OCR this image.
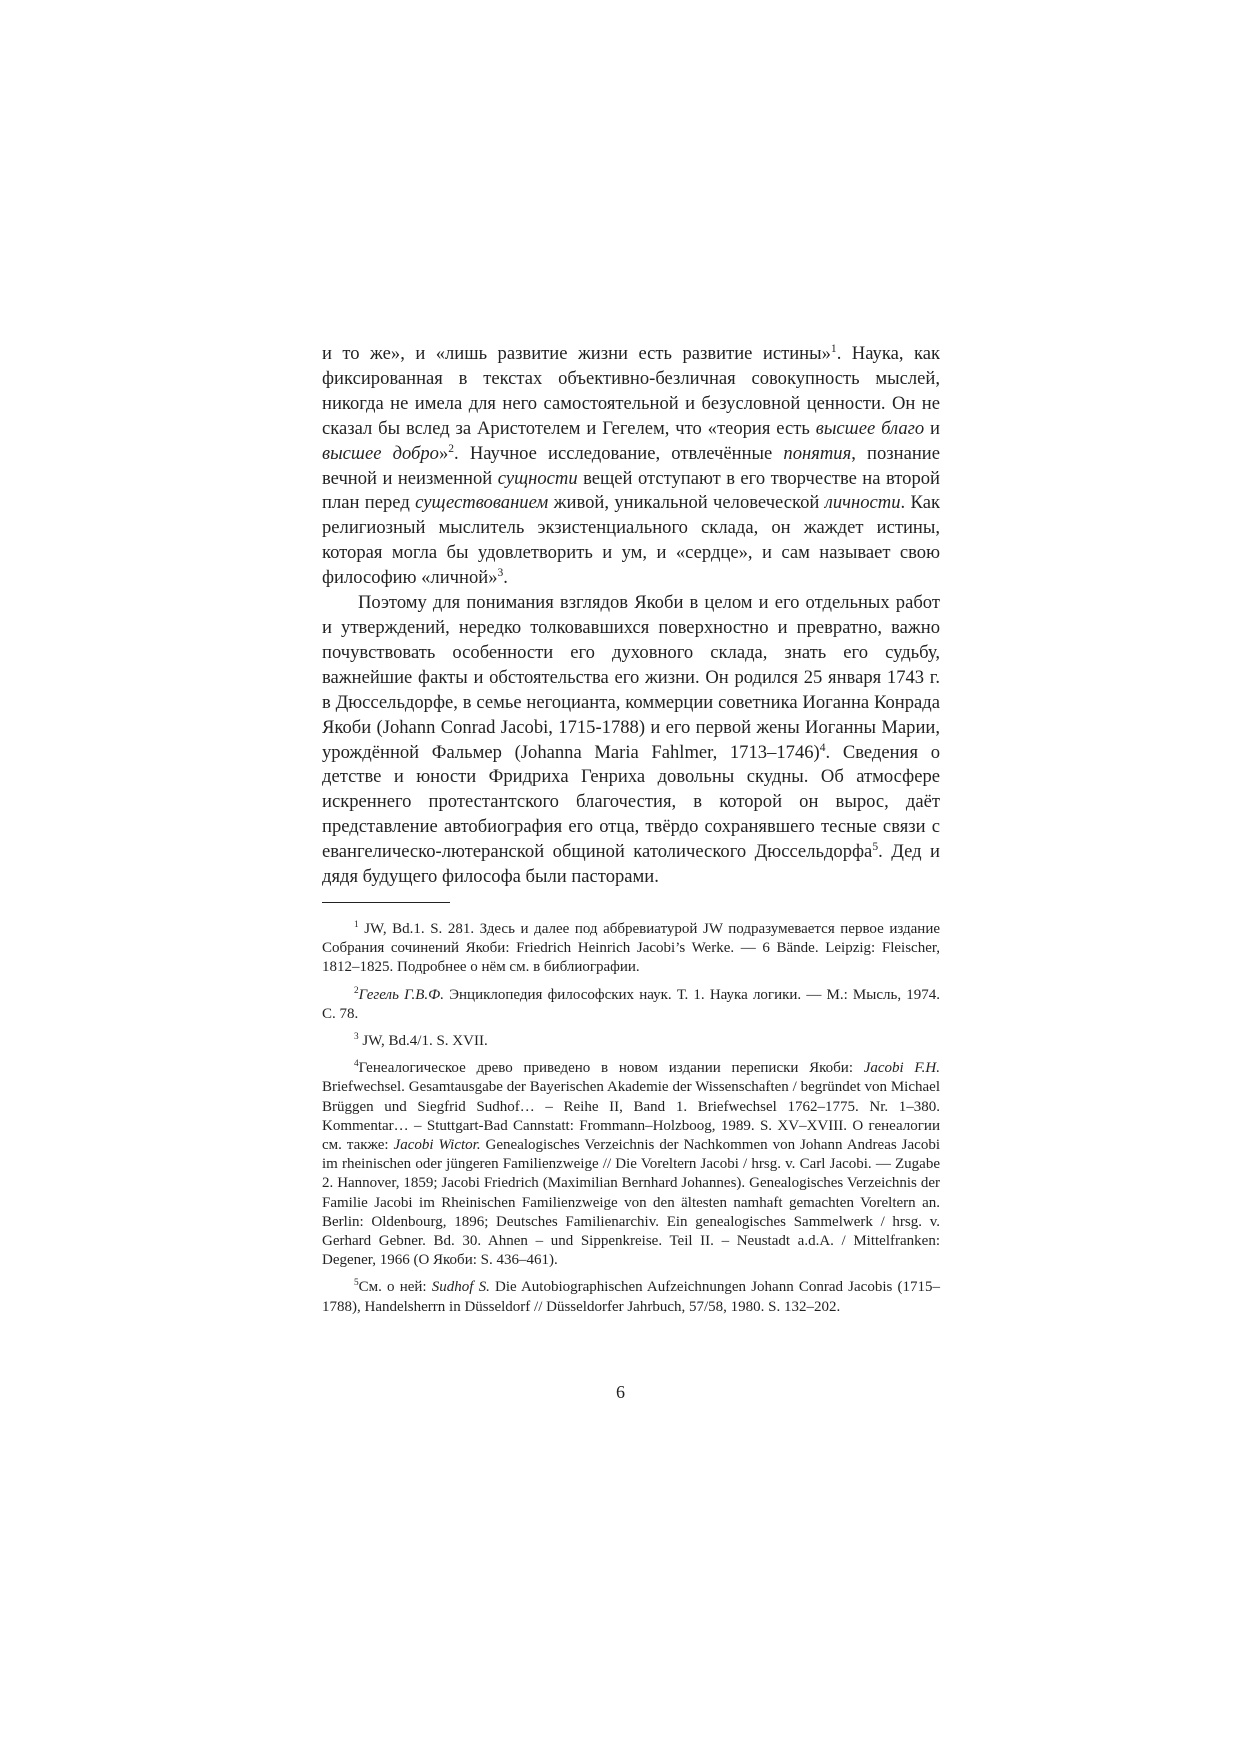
и то же», и «лишь развитие жизни есть развитие истины»$^1$. Наука, как фиксированная в текстах объективно-безличная совокупность мыслей, никогда не имела для него самостоятельной и безусловной ценности. Он не сказал бы вслед за Аристотелем и Гегелем, что «теория есть высшее благо и высшее добро»$^2$. Научное исследование, отвлечённые понятия, познание вечной и неизменной сущности вещей отступают в его творчестве на второй план перед существованием живой, уникальной человеческой личности. Как религиозный мыслитель экзистенциального склада, он жаждет истины, которая могла бы удовлетворить и ум, и «сердце», и сам называет свою философию «личной»$^3$.

Поэтому для понимания взглядов Якоби в целом и его отдельных работ и утверждений, нередко толковавшихся поверхностно и превратно, важно почувствовать особенности его духовного склада, знать его судьбу, важнейшие факты и обстоятельства его жизни. Он родился 25 января 1743 г. в Дюссельдорфе, в семье негоцианта, коммерции советника Иоганна Конрада Якоби (Johann Conrad Jacobi, 1715-1788) и его первой жены Иоганны Марии, урождённой Фальмер (Johanna Maria Fahlmer, 1713–1746)$^4$. Сведения о детстве и юности Фридриха Генриха довольны скудны. Об атмосфере искреннего протестантского благочестия, в которой он вырос, даёт представление автобиография его отца, твёрдо сохранявшего тесные связи с евангелическо-лютеранской общиной католического Дюссельдорфа$^5$. Дед и дядя будущего философа были пасторами.

$^1$ JW, Bd.1. S. 281. Здесь и далее под аббревиатурой JW подразумевается первое издание Собрания сочинений Якоби: Friedrich Heinrich Jacobi’s Werke. — 6 Bände. Leipzig: Fleischer, 1812–1825. Подробнее о нём см. в библиографии.

$^2$Гегель Г.В.Ф. Энциклопедия философских наук. Т. 1. Наука логики. — М.: Мысль, 1974. С. 78.

$^3$ JW, Bd.4/1. S. XVII.

$^4$Генеалогическое древо приведено в новом издании переписки Якоби: Jacobi F.H. Briefwechsel. Gesamtausgabe der Bayerischen Akademie der Wissenschaften / begründet von Michael Brüggen und Siegfrid Sudhof… – Reihe II, Band 1. Briefwechsel 1762–1775. Nr. 1–380. Kommentar… – Stuttgart-Bad Cannstatt: Frommann–Holzboog, 1989. S. XV–XVIII. О генеалогии см. также: Jacobi Wictor. Genealogisches Verzeichnis der Nachkommen von Johann Andreas Jacobi im rheinischen oder jüngeren Familienzweige // Die Voreltern Jacobi / hrsg. v. Carl Jacobi. — Zugabe 2. Hannover, 1859; Jacobi Friedrich (Maximilian Bernhard Johannes). Genealogisches Verzeichnis der Familie Jacobi im Rheinischen Familienzweige von den ältesten namhaft gemachten Voreltern an. Berlin: Oldenbourg, 1896; Deutsches Familienarchiv. Ein genealogisches Sammelwerk / hrsg. v. Gerhard Gebner. Bd. 30. Ahnen – und Sippenkreise. Teil II. – Neustadt a.d.A. / Mittelfranken: Degener, 1966 (О Якоби: S. 436–461).

$^5$См. о ней: Sudhof S. Die Autobiographischen Aufzeichnungen Johann Conrad Jacobis (1715–1788), Handelsherrn in Düsseldorf // Düsseldorfer Jahrbuch, 57/58, 1980. S. 132–202.

6
